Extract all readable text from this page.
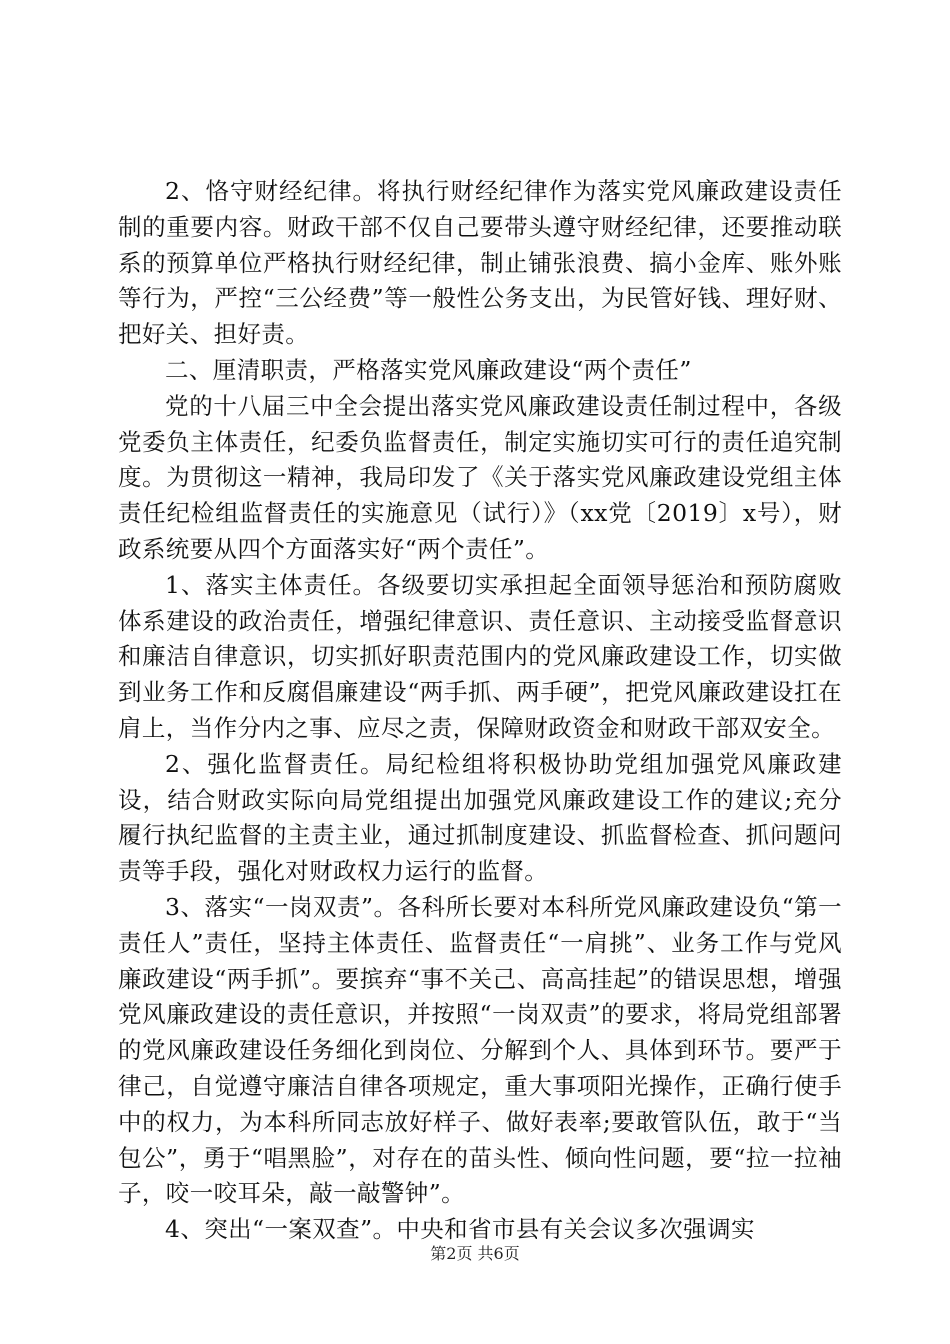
2、恪守财经纪律。将执行财经纪律作为落实党风廉政建设责任制的重要内容。财政干部不仅自己要带头遵守财经纪律，还要推动联系的预算单位严格执行财经纪律，制止铺张浪费、搞小金库、账外账等行为，严控“三公经费”等一般性公务支出，为民管好钱、理好财、把好关、担好责。

二、厘清职责，严格落实党风廉政建设“两个责任”

党的十八届三中全会提出落实党风廉政建设责任制过程中，各级党委负主体责任，纪委负监督责任，制定实施切实可行的责任追究制度。为贯彻这一精神，我局印发了《关于落实党风廉政建设党组主体责任纪检组监督责任的实施意见（试行）》（xx党〔2019〕x号），财政系统要从四个方面落实好“两个责任”。

1、落实主体责任。各级要切实承担起全面领导惩治和预防腐败体系建设的政治责任，增强纪律意识、责任意识、主动接受监督意识和廉洁自律意识，切实抓好职责范围内的党风廉政建设工作，切实做到业务工作和反腐倡廉建设“两手抓、两手硬”，把党风廉政建设扛在肩上，当作分内之事、应尽之责，保障财政资金和财政干部双安全。

2、强化监督责任。局纪检组将积极协助党组加强党风廉政建设，结合财政实际向局党组提出加强党风廉政建设工作的建议;充分履行执纪监督的主责主业，通过抓制度建设、抓监督检查、抓问题问责等手段，强化对财政权力运行的监督。

3、落实“一岗双责”。各科所长要对本科所党风廉政建设负“第一责任人”责任，坚持主体责任、监督责任“一肩挑”、业务工作与党风廉政建设“两手抓”。要摈弃“事不关己、高高挂起”的错误思想，增强党风廉政建设的责任意识，并按照“一岗双责”的要求，将局党组部署的党风廉政建设任务细化到岗位、分解到个人、具体到环节。要严于律己，自觉遵守廉洁自律各项规定，重大事项阳光操作，正确行使手中的权力，为本科所同志放好样子、做好表率;要敢管队伍，敢于“当包公”，勇于“唱黑脸”，对存在的苗头性、倾向性问题，要“拉一拉袖子，咬一咬耳朵，敲一敲警钟”。

4、突出“一案双查”。中央和省市县有关会议多次强调实

第2页 共6页
